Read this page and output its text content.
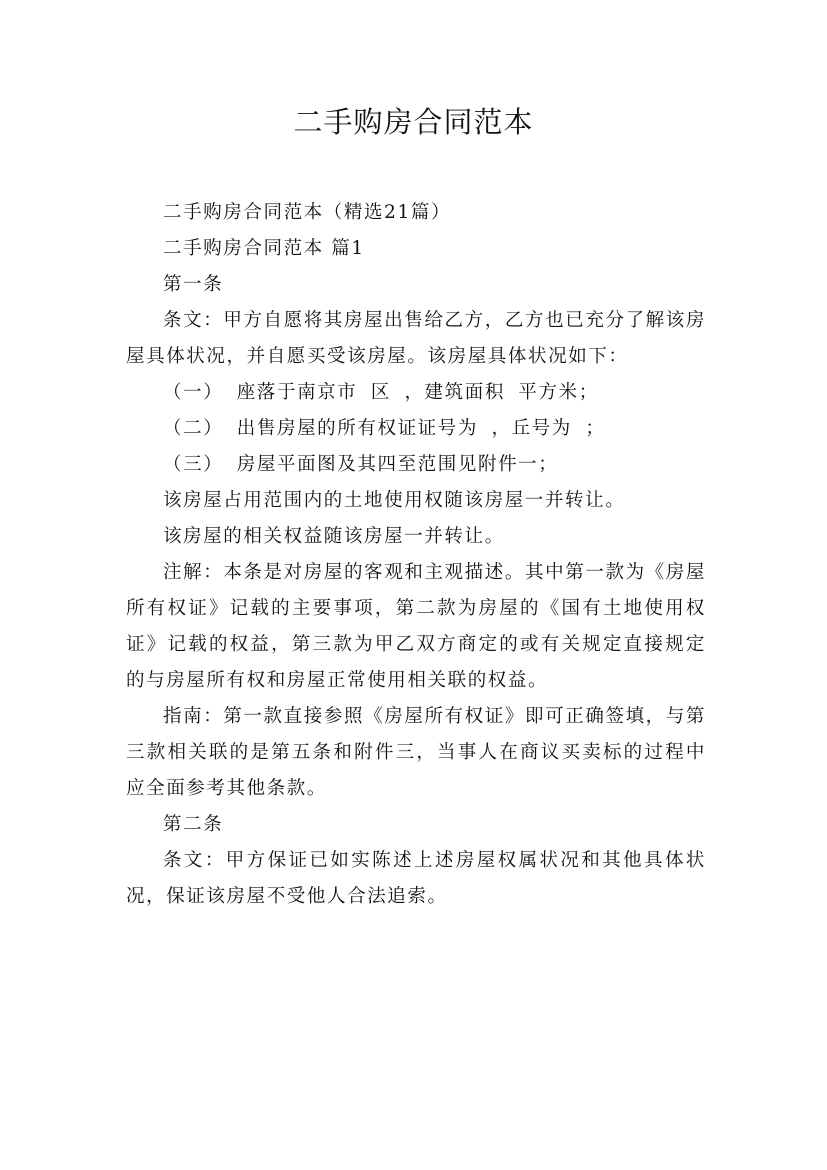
二手购房合同范本

二手购房合同范本（精选21篇）

二手购房合同范本 篇1

第一条

条文：甲方自愿将其房屋出售给乙方，乙方也已充分了解该房屋具体状况，并自愿买受该房屋。该房屋具体状况如下：

（一） 座落于南京市 区 ，建筑面积 平方米；

（二） 出售房屋的所有权证证号为 ，丘号为 ；

（三） 房屋平面图及其四至范围见附件一；

该房屋占用范围内的土地使用权随该房屋一并转让。

该房屋的相关权益随该房屋一并转让。

注解：本条是对房屋的客观和主观描述。其中第一款为《房屋所有权证》记载的主要事项，第二款为房屋的《国有土地使用权证》记载的权益，第三款为甲乙双方商定的或有关规定直接规定的与房屋所有权和房屋正常使用相关联的权益。

指南：第一款直接参照《房屋所有权证》即可正确签填，与第三款相关联的是第五条和附件三，当事人在商议买卖标的过程中应全面参考其他条款。

第二条

条文：甲方保证已如实陈述上述房屋权属状况和其他具体状况，保证该房屋不受他人合法追索。
